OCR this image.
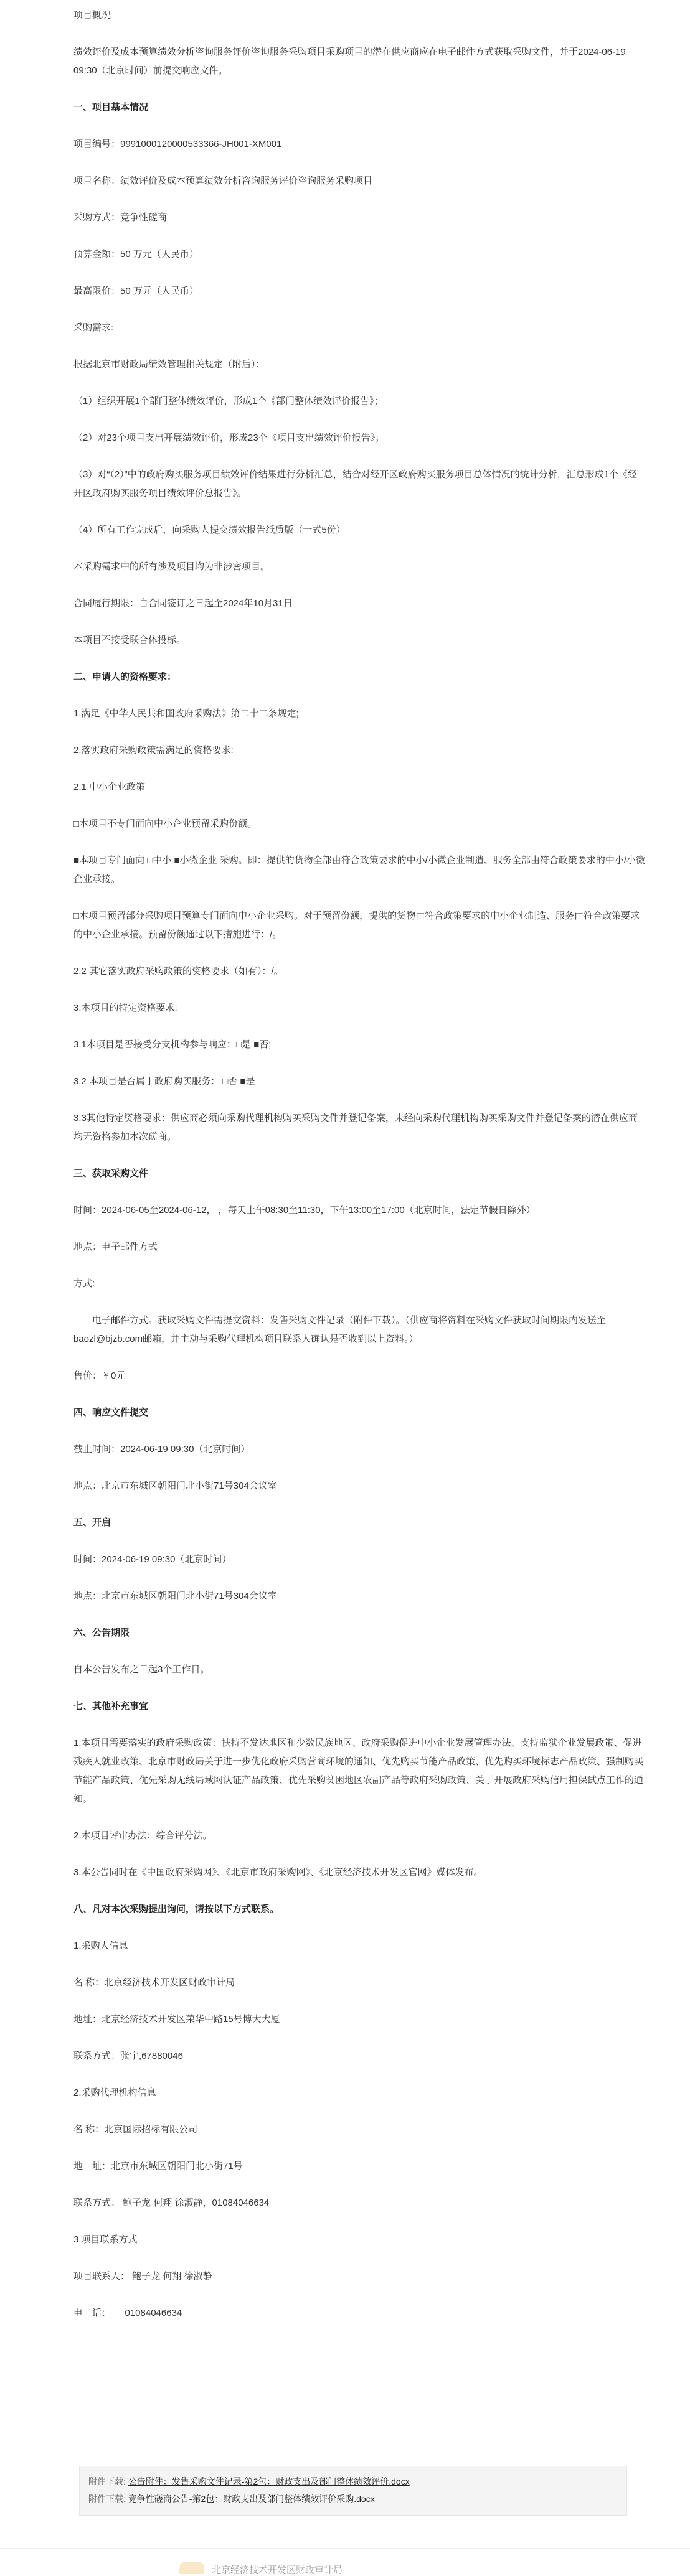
项目概况

绩效评价及成本预算绩效分析咨询服务评价咨询服务采购项目采购项目的潜在供应商应在电子邮件方式获取采购文件，并于2024-06-19 09:30（北京时间）前提交响应文件。

一、项目基本情况

项目编号：9991000120000533366-JH001-XM001

项目名称：绩效评价及成本预算绩效分析咨询服务评价咨询服务采购项目

采购方式：竞争性磋商

预算金额：50 万元（人民币）

最高限价：50 万元（人民币）

采购需求:

根据北京市财政局绩效管理相关规定（附后）：

（1）组织开展1个部门整体绩效评价，形成1个《部门整体绩效评价报告》；

（2）对23个项目支出开展绩效评价，形成23个《项目支出绩效评价报告》；

（3）对“（2）”中的政府购买服务项目绩效评价结果进行分析汇总，结合对经开区政府购买服务项目总体情况的统计分析，汇总形成1个《经开区政府购买服务项目绩效评价总报告》。

（4）所有工作完成后，向采购人提交绩效报告纸质版（一式5份）

本采购需求中的所有涉及项目均为非涉密项目。

合同履行期限：自合同签订之日起至2024年10月31日

本项目不接受联合体投标。

二、申请人的资格要求：

1.满足《中华人民共和国政府采购法》第二十二条规定;

2.落实政府采购政策需满足的资格要求:

2.1 中小企业政策

□本项目不专门面向中小企业预留采购份额。

■本项目专门面向 □中小 ■小微企业 采购。即：提供的货物全部由符合政策要求的中小/小微企业制造、服务全部由符合政策要求的中小/小微企业承接。

□本项目预留部分采购项目预算专门面向中小企业采购。对于预留份额，提供的货物由符合政策要求的中小企业制造、服务由符合政策要求的中小企业承接。预留份额通过以下措施进行：/。

2.2 其它落实政府采购政策的资格要求（如有）：/。

3.本项目的特定资格要求:

3.1本项目是否接受分支机构参与响应：□是 ■否;

3.2 本项目是否属于政府购买服务： □否 ■是

3.3其他特定资格要求：供应商必须向采购代理机构购买采购文件并登记备案，未经向采购代理机构购买采购文件并登记备案的潜在供应商均无资格参加本次磋商。

三、获取采购文件

时间：2024-06-05至2024-06-12， ，每天上午08:30至11:30，下午13:00至17:00（北京时间，法定节假日除外）

地点：电子邮件方式

方式:

电子邮件方式。获取采购文件需提交资料：发售采购文件记录（附件下载）。（供应商将资料在采购文件获取时间期限内发送至baozl@bjzb.com邮箱，并主动与采购代理机构项目联系人确认是否收到以上资料。）

售价：￥0元

四、响应文件提交

截止时间：2024-06-19 09:30（北京时间）

地点：北京市东城区朝阳门北小街71号304会议室

五、开启

时间：2024-06-19 09:30（北京时间）

地点：北京市东城区朝阳门北小街71号304会议室

六、公告期限

自本公告发布之日起3个工作日。

七、其他补充事宜

1.本项目需要落实的政府采购政策：扶持不发达地区和少数民族地区、政府采购促进中小企业发展管理办法、支持监狱企业发展政策、促进残疾人就业政策、北京市财政局关于进一步优化政府采购营商环境的通知、优先购买节能产品政策、优先购买环境标志产品政策、强制购买节能产品政策、优先采购无线局域网认证产品政策、优先采购贫困地区农副产品等政府采购政策、关于开展政府采购信用担保试点工作的通知。

2.本项目评审办法：综合评分法。

3.本公告同时在《中国政府采购网》、《北京市政府采购网》、《北京经济技术开发区官网》媒体发布。

八、凡对本次采购提出询问，请按以下方式联系。

1.采购人信息

名 称：北京经济技术开发区财政审计局

地址：北京经济技术开发区荣华中路15号博大大厦

联系方式：张宇,67880046

2.采购代理机构信息

名 称：北京国际招标有限公司

地　址：北京市东城区朝阳门北小街71号

联系方式： 鲍子龙 何翔 徐淑静，01084046634

3.项目联系方式

项目联系人： 鲍子龙 何翔 徐淑静

电　话：　　01084046634

附件下载: 公告附件：发售采购文件记录-第2包：财政支出及部门整体绩效评价.docx
附件下载: 竞争性磋商公告-第2包：财政支出及部门整体绩效评价采购.docx
北京经济技术开发区财政审计局
